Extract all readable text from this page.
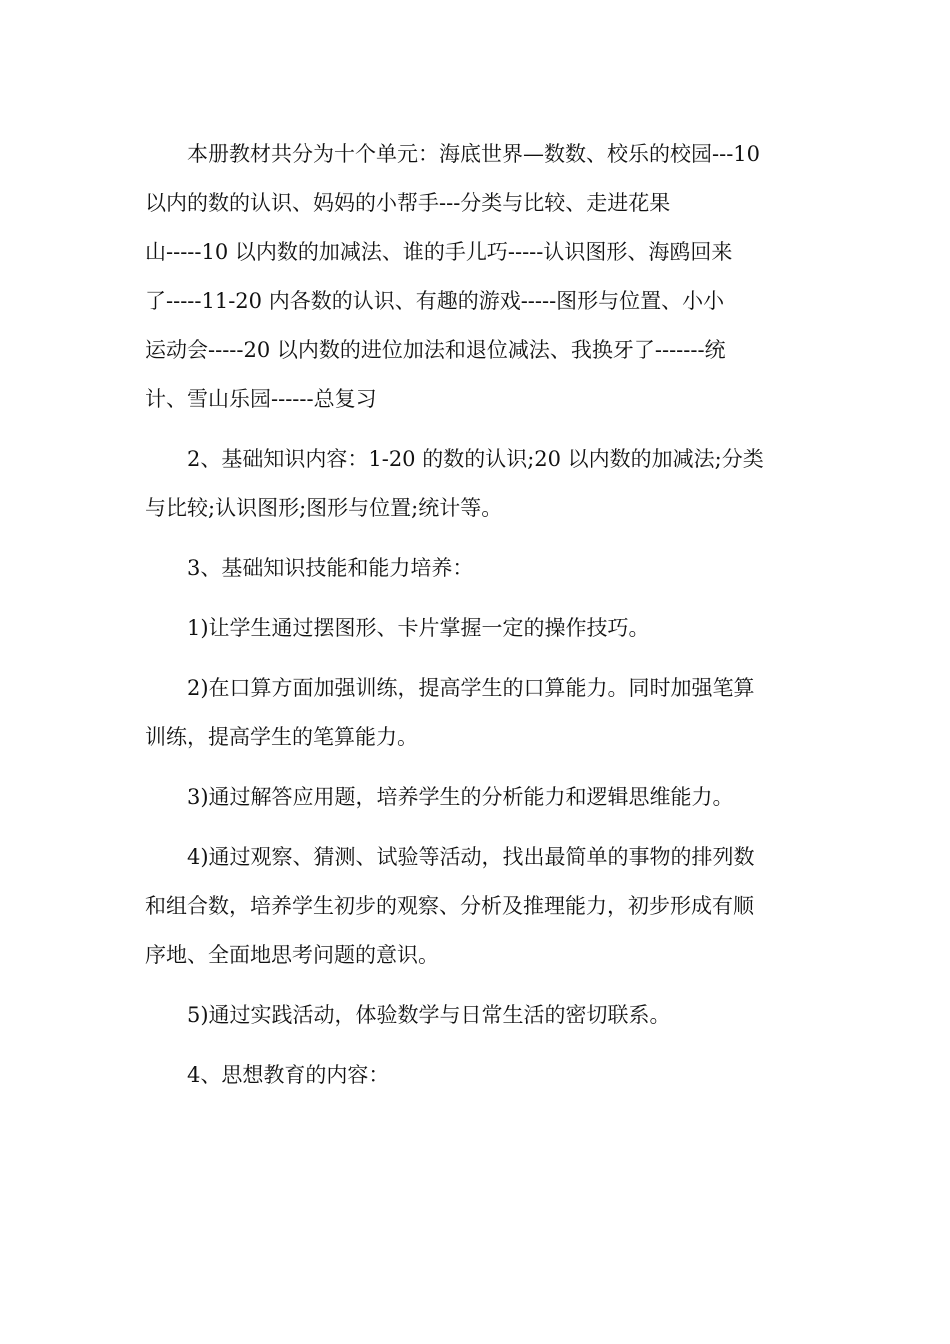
本册教材共分为十个单元：海底世界—数数、校乐的校园---10
以内的数的认识、妈妈的小帮手---分类与比较、走进花果
山-----10 以内数的加减法、谁的手儿巧-----认识图形、海鸥回来
了-----11-20 内各数的认识、有趣的游戏-----图形与位置、小小
运动会-----20 以内数的进位加法和退位减法、我换牙了-------统
计、雪山乐园------总复习
2、基础知识内容：1-20 的数的认识;20 以内数的加减法;分类
与比较;认识图形;图形与位置;统计等。
3、基础知识技能和能力培养：
1)让学生通过摆图形、卡片掌握一定的操作技巧。
2)在口算方面加强训练，提高学生的口算能力。同时加强笔算
训练，提高学生的笔算能力。
3)通过解答应用题，培养学生的分析能力和逻辑思维能力。
4)通过观察、猜测、试验等活动，找出最简单的事物的排列数
和组合数，培养学生初步的观察、分析及推理能力，初步形成有顺
序地、全面地思考问题的意识。
5)通过实践活动，体验数学与日常生活的密切联系。
4、思想教育的内容：
